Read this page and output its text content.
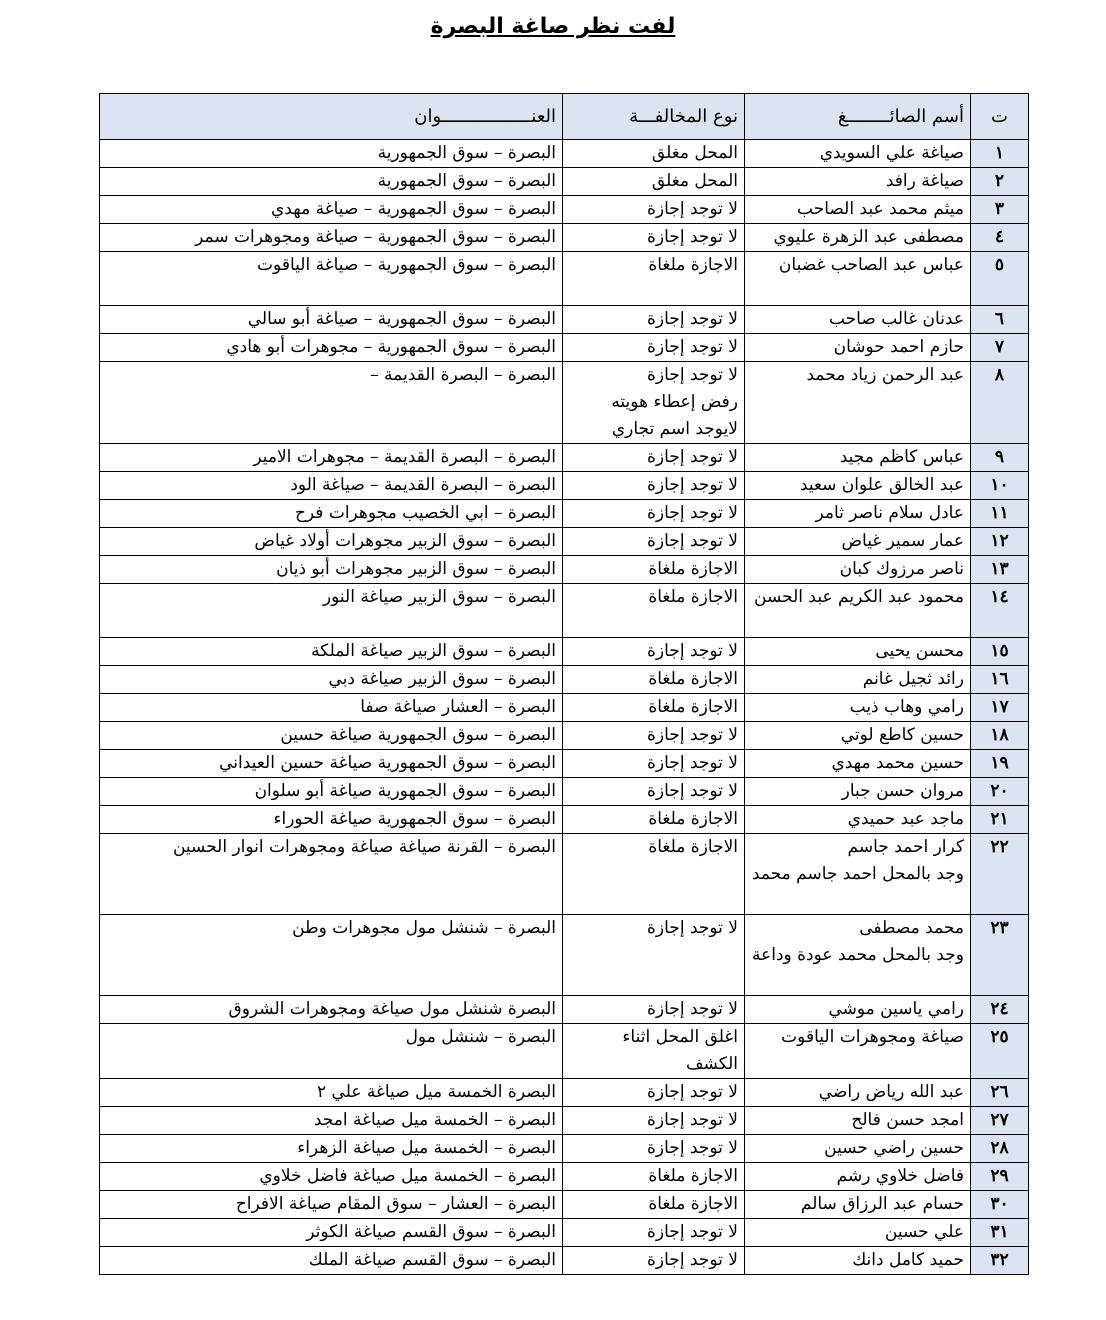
لفت نظر صاغة البصرة
ت	أسم الصائــــــــغ	نوع المخالفـــة	العنـــــــــــــــــوان
١	صياغة علي السويدي	المحل مغلق	البصرة – سوق الجمهورية
٢	صياغة رافد	المحل مغلق	البصرة – سوق الجمهورية
٣	ميثم محمد عبد الصاحب	لا توجد إجازة	البصرة – سوق الجمهورية – صياغة مهدي
٤	مصطفى عبد الزهرة عليوي	لا توجد إجازة	البصرة – سوق الجمهورية – صياغة ومجوهرات سمر
٥	عباس عبد الصاحب غضبان	الاجازة ملغاة	البصرة – سوق الجمهورية – صياغة الياقوت
٦	عدنان غالب صاحب	لا توجد إجازة	البصرة – سوق الجمهورية – صياغة أبو سالي
٧	حازم احمد حوشان	لا توجد إجازة	البصرة – سوق الجمهورية – مجوهرات أبو هادي
٨	عبد الرحمن زياد محمد	لا توجد إجازة
رفض إعطاء هويته
لايوجد اسم تجاري	البصرة – البصرة القديمة –
٩	عباس كاظم مجيد	لا توجد إجازة	البصرة – البصرة القديمة – مجوهرات الامير
١٠	عبد الخالق علوان سعيد	لا توجد إجازة	البصرة – البصرة القديمة – صياغة الود
١١	عادل سلام ناصر ثامر	لا توجد إجازة	البصرة – ابي الخصيب مجوهرات فرح
١٢	عمار سمير غياض	لا توجد إجازة	البصرة – سوق الزبير مجوهرات أولاد غياض
١٣	ناصر مرزوك كبان	الاجازة ملغاة	البصرة – سوق الزبير مجوهرات أبو ذيان
١٤	محمود عبد الكريم عبد الحسن	الاجازة ملغاة	البصرة – سوق الزبير صياغة النور
١٥	محسن يحيى	لا توجد إجازة	البصرة – سوق الزبير صياغة الملكة
١٦	رائد ثجيل غانم	الاجازة ملغاة	البصرة – سوق الزبير صياغة دبي
١٧	رامي وهاب ذيب	الاجازة ملغاة	البصرة – العشار صياغة صفا
١٨	حسين كاطع لوتي	لا توجد إجازة	البصرة – سوق الجمهورية صياغة حسين
١٩	حسين محمد مهدي	لا توجد إجازة	البصرة – سوق الجمهورية صياغة حسين العيداني
٢٠	مروان حسن جبار	لا توجد إجازة	البصرة – سوق الجمهورية صياغة أبو سلوان
٢١	ماجد عبد حميدي	الاجازة ملغاة	البصرة – سوق الجمهورية صياغة الحوراء
٢٢	كرار احمد جاسم
وجد بالمحل احمد جاسم محمد	الاجازة ملغاة	البصرة – القرنة صياغة صياغة ومجوهرات انوار الحسين
٢٣	محمد مصطفى
وجد بالمحل محمد عودة وداعة	لا توجد إجازة	البصرة – شنشل مول مجوهرات وطن
٢٤	رامي ياسين موشي	لا توجد إجازة	البصرة شنشل مول صياغة ومجوهرات الشروق
٢٥	صياغة ومجوهرات الياقوت	اغلق المحل اثناء الكشف	البصرة – شنشل مول
٢٦	عبد الله رياض راضي	لا توجد إجازة	البصرة الخمسة ميل صياغة علي ٢
٢٧	امجد حسن فالح	لا توجد إجازة	البصرة – الخمسة ميل صياغة امجد
٢٨	حسين راضي حسين	لا توجد إجازة	البصرة – الخمسة ميل صياغة الزهراء
٢٩	فاضل خلاوي رشم	الاجازة ملغاة	البصرة – الخمسة ميل صياغة فاضل خلاوي
٣٠	حسام عبد الرزاق سالم	الاجازة ملغاة	البصرة – العشار – سوق المقام صياغة الافراح
٣١	علي حسين	لا توجد إجازة	البصرة – سوق القسم صياغة الكوثر
٣٢	حميد كامل دانك	لا توجد إجازة	البصرة – سوق القسم صياغة الملك
